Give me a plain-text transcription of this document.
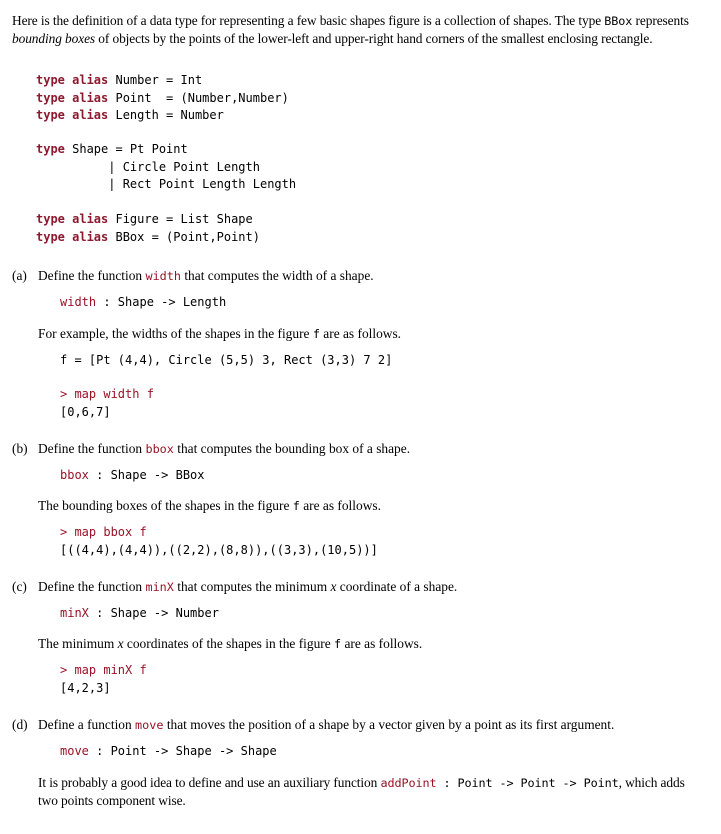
Here is the definition of a data type for representing a few basic shapes figure is a collection of shapes. The type BBox represents bounding boxes of objects by the points of the lower-left and upper-right hand corners of the smallest enclosing rectangle.
type alias Number = Int
type alias Point  = (Number,Number)
type alias Length = Number
type Shape = Pt Point
| Circle Point Length
| Rect Point Length Length
type alias Figure = List Shape
type alias BBox = (Point,Point)
(a) Define the function width that computes the width of a shape.
width : Shape -> Length
For example, the widths of the shapes in the figure f are as follows.
f = [Pt (4,4), Circle (5,5) 3, Rect (3,3) 7 2]
> map width f
[0,6,7]
(b) Define the function bbox that computes the bounding box of a shape.
bbox : Shape -> BBox
The bounding boxes of the shapes in the figure f are as follows.
> map bbox f
[((4,4),(4,4)),((2,2),(8,8)),((3,3),(10,5))]
(c) Define the function minX that computes the minimum x coordinate of a shape.
minX : Shape -> Number
The minimum x coordinates of the shapes in the figure f are as follows.
> map minX f
[4,2,3]
(d) Define a function move that moves the position of a shape by a vector given by a point as its first argument.
move : Point -> Shape -> Shape
It is probably a good idea to define and use an auxiliary function addPoint : Point -> Point -> Point, which adds two points component wise.
